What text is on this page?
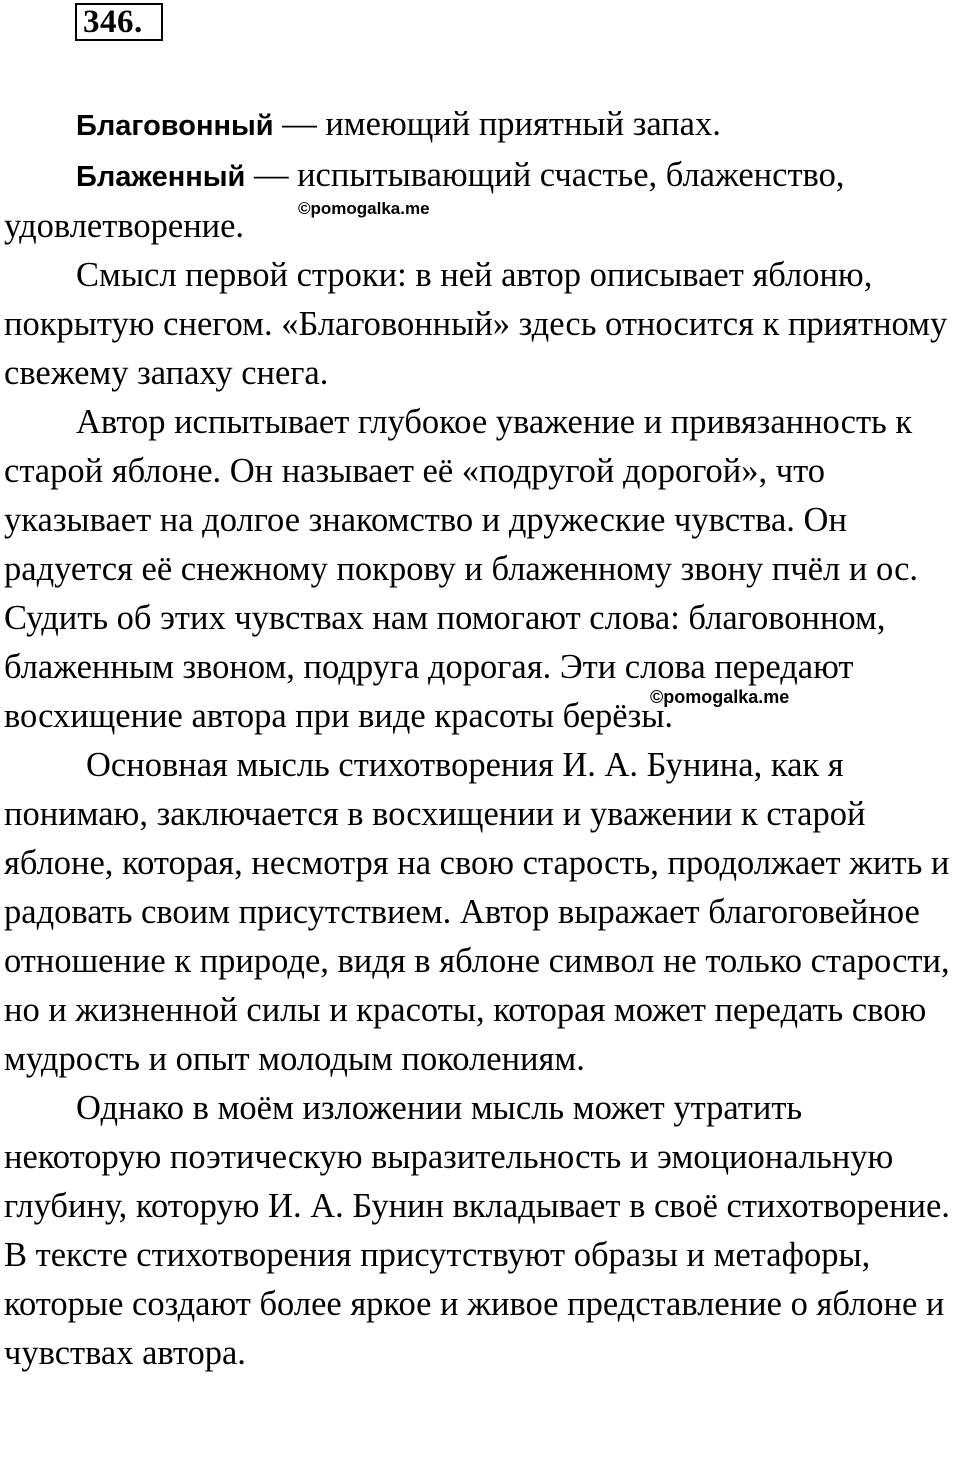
346.

Благовонный — имеющий приятный запах.

Блаженный — испытывающий счастье, блаженство, удовлетворение.

Смысл первой строки: в ней автор описывает яблоню, покрытую снегом. «Благовонный» здесь относится к приятному свежему запаху снега.

Автор испытывает глубокое уважение и привязанность к старой яблоне. Он называет её «подругой дорогой», что указывает на долгое знакомство и дружеские чувства. Он радуется её снежному покрову и блаженному звону пчёл и ос. Судить об этих чувствах нам помогают слова: благовонном, блаженным звоном, подруга дорогая. Эти слова передают восхищение автора при виде красоты берёзы.

Основная мысль стихотворения И. А. Бунина, как я понимаю, заключается в восхищении и уважении к старой яблоне, которая, несмотря на свою старость, продолжает жить и радовать своим присутствием. Автор выражает благоговейное отношение к природе, видя в яблоне символ не только старости, но и жизненной силы и красоты, которая может передать свою мудрость и опыт молодым поколениям.

Однако в моём изложении мысль может утратить некоторую поэтическую выразительность и эмоциональную глубину, которую И. А. Бунин вкладывает в своё стихотворение. В тексте стихотворения присутствуют образы и метафоры, которые создают более яркое и живое представление о яблоне и чувствах автора.

©pomogalka.me
©pomogalka.me
